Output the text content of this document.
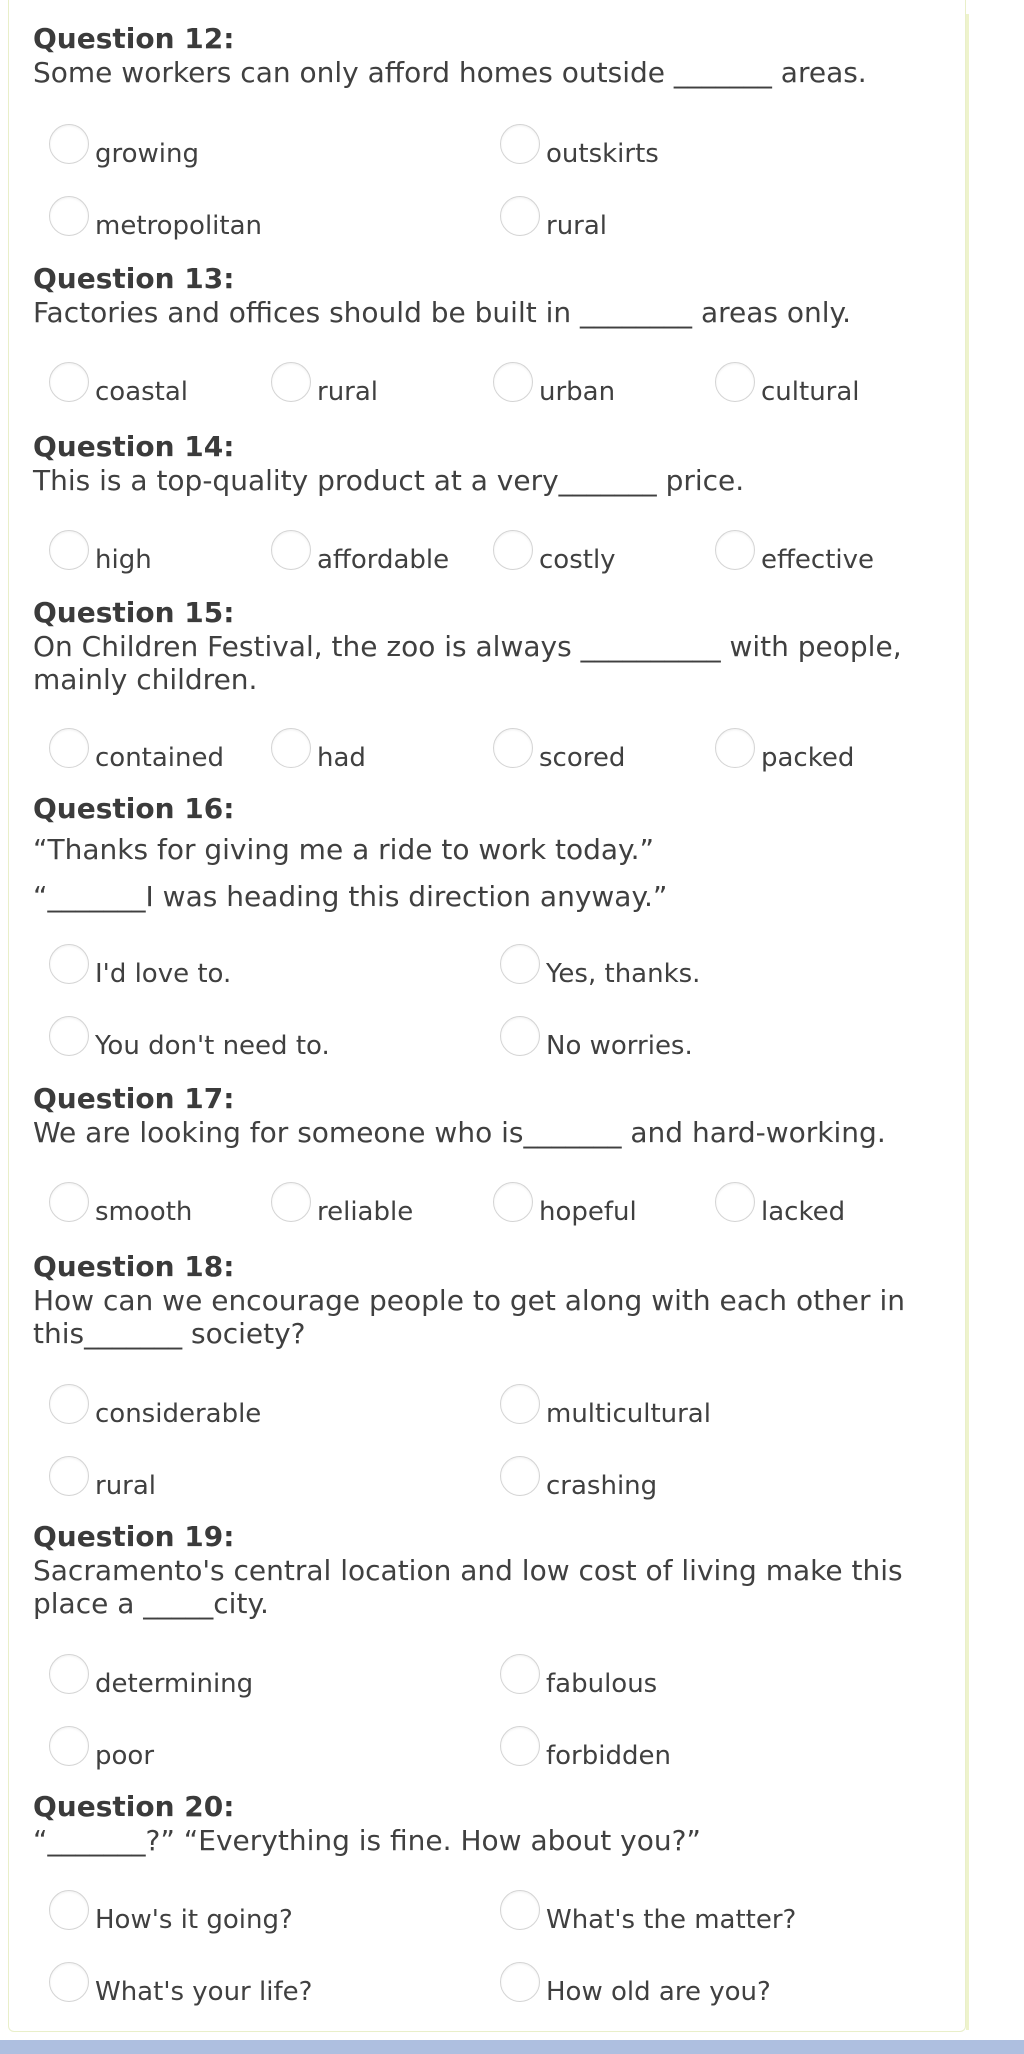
Question 12:

Some workers can only afford homes outside _______ areas.

growing	outskirts
metropolitan	rural

Question 13:

Factories and offices should be built in ________ areas only.

coastal	rural	urban	cultural

Question 14:

This is a top-quality product at a very_______ price.

high	affordable	costly	effective

Question 15:

On Children Festival, the zoo is always __________ with people, mainly children.

contained	had	scored	packed

Question 16:

“Thanks for giving me a ride to work today.”
“_______I was heading this direction anyway.”

I'd love to.	Yes, thanks.
You don't need to.	No worries.

Question 17:

We are looking for someone who is_______ and hard-working.

smooth	reliable	hopeful	lacked

Question 18:

How can we encourage people to get along with each other in this_______ society?

considerable	multicultural
rural	crashing

Question 19:

Sacramento's central location and low cost of living make this place a _____city.

determining	fabulous
poor	forbidden

Question 20:

“_______?” “Everything is fine. How about you?”

How's it going?	What's the matter?
What's your life?	How old are you?
